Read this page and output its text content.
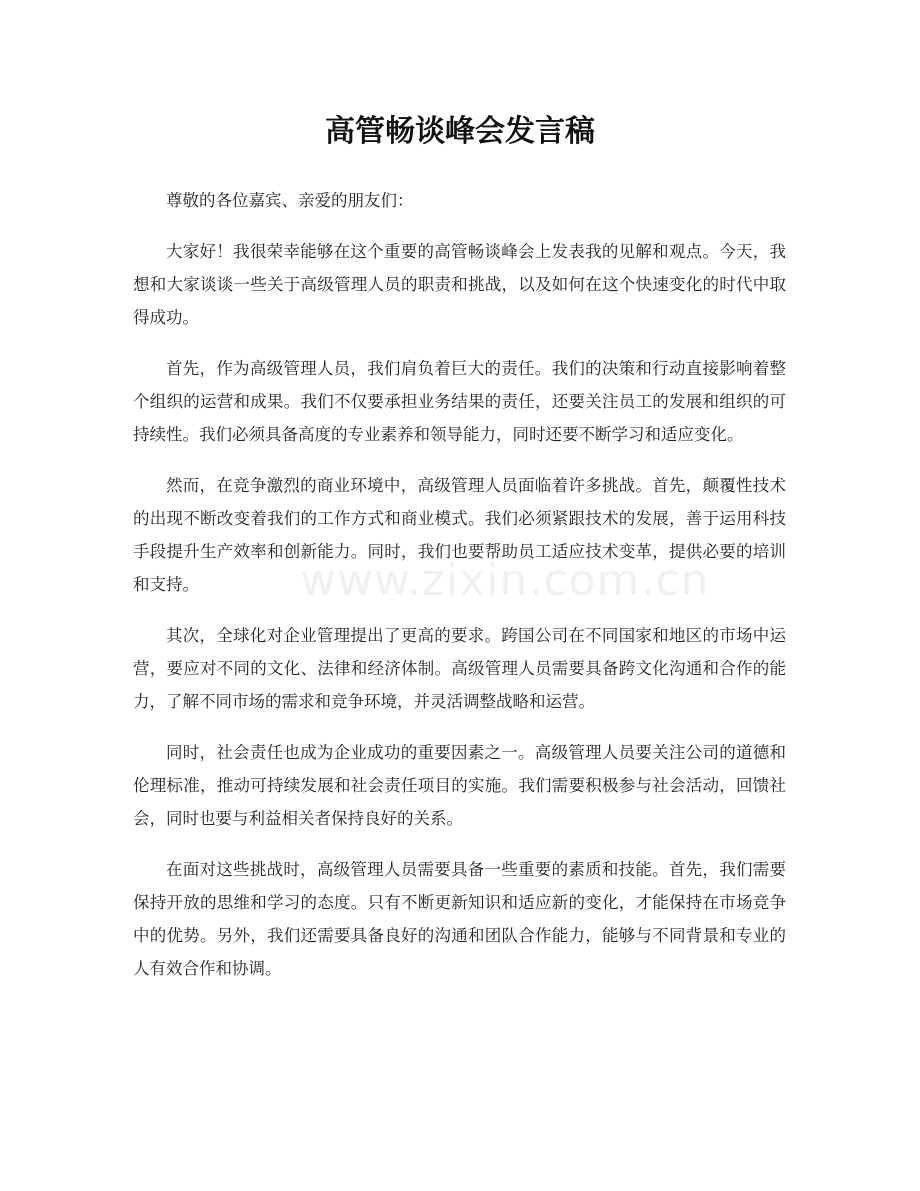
高管畅谈峰会发言稿

尊敬的各位嘉宾、亲爱的朋友们：

大家好！我很荣幸能够在这个重要的高管畅谈峰会上发表我的见解和观点。今天，我想和大家谈谈一些关于高级管理人员的职责和挑战，以及如何在这个快速变化的时代中取得成功。

首先，作为高级管理人员，我们肩负着巨大的责任。我们的决策和行动直接影响着整个组织的运营和成果。我们不仅要承担业务结果的责任，还要关注员工的发展和组织的可持续性。我们必须具备高度的专业素养和领导能力，同时还要不断学习和适应变化。

然而，在竞争激烈的商业环境中，高级管理人员面临着许多挑战。首先，颠覆性技术的出现不断改变着我们的工作方式和商业模式。我们必须紧跟技术的发展，善于运用科技手段提升生产效率和创新能力。同时，我们也要帮助员工适应技术变革，提供必要的培训和支持。

其次，全球化对企业管理提出了更高的要求。跨国公司在不同国家和地区的市场中运营，要应对不同的文化、法律和经济体制。高级管理人员需要具备跨文化沟通和合作的能力，了解不同市场的需求和竞争环境，并灵活调整战略和运营。

同时，社会责任也成为企业成功的重要因素之一。高级管理人员要关注公司的道德和伦理标准，推动可持续发展和社会责任项目的实施。我们需要积极参与社会活动，回馈社会，同时也要与利益相关者保持良好的关系。

在面对这些挑战时，高级管理人员需要具备一些重要的素质和技能。首先，我们需要保持开放的思维和学习的态度。只有不断更新知识和适应新的变化，才能保持在市场竞争中的优势。另外，我们还需要具备良好的沟通和团队合作能力，能够与不同背景和专业的人有效合作和协调。

www.zixin.com.cn
